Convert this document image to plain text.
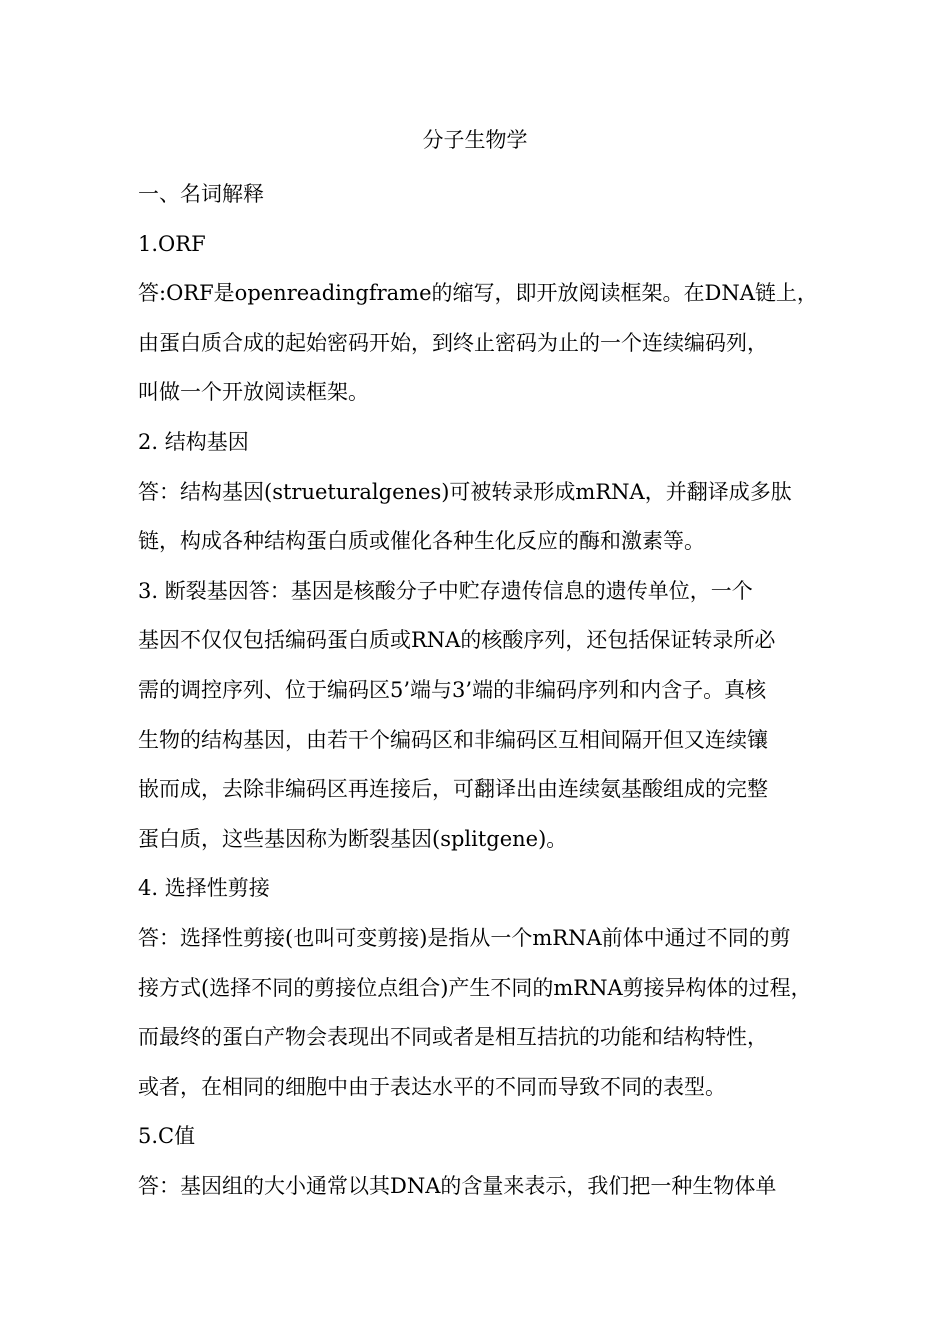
分子生物学
一、名词解释
1.ORF
答:ORF是openreadingframe的缩写，即开放阅读框架。在DNA链上，
由蛋白质合成的起始密码开始，到终止密码为止的一个连续编码列，
叫做一个开放阅读框架。
2. 结构基因
答：结构基因(strueturalgenes)可被转录形成mRNA，并翻译成多肽
链，构成各种结构蛋白质或催化各种生化反应的酶和激素等。
3. 断裂基因答：基因是核酸分子中贮存遗传信息的遗传单位，一个
基因不仅仅包括编码蛋白质或RNA的核酸序列，还包括保证转录所必
需的调控序列、位于编码区5’端与3’端的非编码序列和内含子。真核
生物的结构基因，由若干个编码区和非编码区互相间隔开但又连续镶
嵌而成，去除非编码区再连接后，可翻译出由连续氨基酸组成的完整
蛋白质，这些基因称为断裂基因(splitgene)。
4. 选择性剪接
答：选择性剪接(也叫可变剪接)是指从一个mRNA前体中通过不同的剪
接方式(选择不同的剪接位点组合)产生不同的mRNA剪接异构体的过程，
而最终的蛋白产物会表现出不同或者是相互拮抗的功能和结构特性，
或者，在相同的细胞中由于表达水平的不同而导致不同的表型。
5.C值
答：基因组的大小通常以其DNA的含量来表示，我们把一种生物体单
